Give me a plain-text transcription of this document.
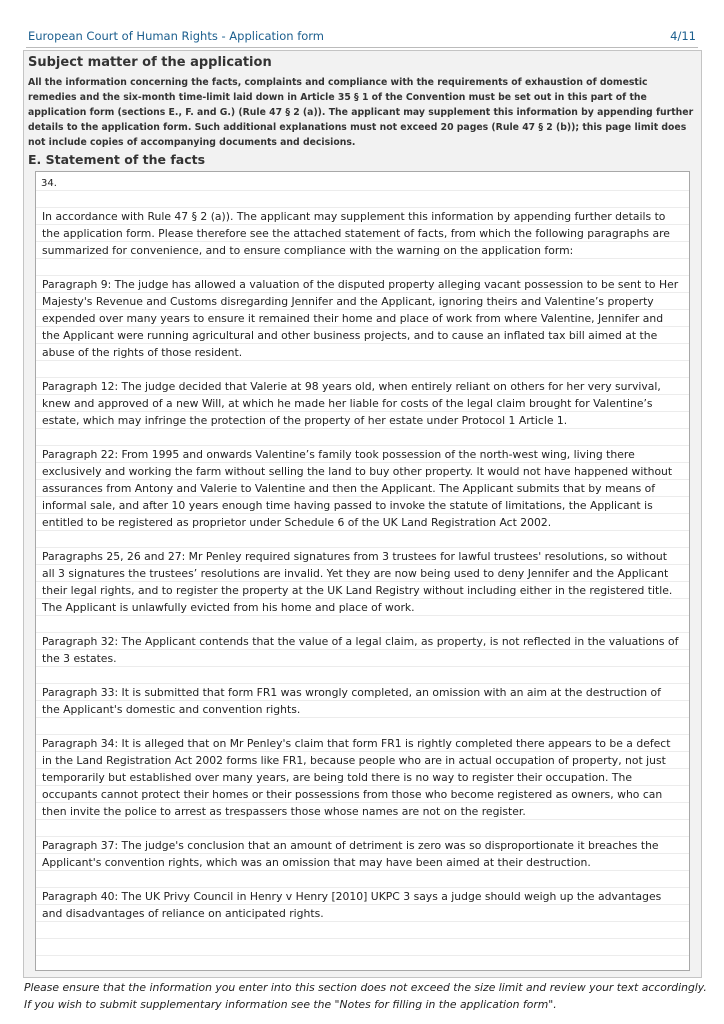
European Court of Human Rights - Application form	4/11
Subject matter of the application
All the information concerning the facts, complaints and compliance with the requirements of exhaustion of domestic remedies and the six-month time-limit laid down in Article 35 § 1 of the Convention must be set out in this part of the application form (sections E., F. and G.) (Rule 47 § 2 (a)). The applicant may supplement this information by appending further details to the application form. Such additional explanations must not exceed 20 pages (Rule 47 § 2 (b)); this page limit does not include copies of accompanying documents and decisions.
E. Statement of the facts
34.

In accordance with Rule 47 § 2 (a)). The applicant may supplement this information by appending further details to the application form. Please therefore see the attached statement of facts, from which the following paragraphs are summarized for convenience, and to ensure compliance with the warning on the application form:

Paragraph 9: The judge has allowed a valuation of the disputed property alleging vacant possession to be sent to Her Majesty's Revenue and Customs disregarding Jennifer and the Applicant, ignoring theirs and Valentine’s property expended over many years to ensure it remained their home and place of work from where Valentine, Jennifer and the Applicant were running agricultural and other business projects, and to cause an inflated tax bill aimed at the abuse of the rights of those resident.

Paragraph 12: The judge decided that Valerie at 98 years old, when entirely reliant on others for her very survival, knew and approved of a new Will, at which he made her liable for costs of the legal claim brought for Valentine’s estate, which may infringe the protection of the property of her estate under Protocol 1 Article 1.

Paragraph 22: From 1995 and onwards Valentine’s family took possession of the north-west wing, living there exclusively and working the farm without selling the land to buy other property. It would not have happened without assurances from Antony and Valerie to Valentine and then the Applicant. The Applicant submits that by means of informal sale, and after 10 years enough time having passed to invoke the statute of limitations, the Applicant is entitled to be registered as proprietor under Schedule 6 of the UK Land Registration Act 2002.

Paragraphs 25, 26 and 27: Mr Penley required signatures from 3 trustees for lawful trustees' resolutions, so without all 3 signatures the trustees’ resolutions are invalid. Yet they are now being used to deny Jennifer and the Applicant their legal rights, and to register the property at the UK Land Registry without including either in the registered title. The Applicant is unlawfully evicted from his home and place of work.

Paragraph 32: The Applicant contends that the value of a legal claim, as property, is not reflected in the valuations of the 3 estates.

Paragraph 33: It is submitted that form FR1 was wrongly completed, an omission with an aim at the destruction of the Applicant's domestic and convention rights.

Paragraph 34: It is alleged that on Mr Penley's claim that form FR1 is rightly completed there appears to be a defect in the Land Registration Act 2002 forms like FR1, because people who are in actual occupation of property, not just temporarily but established over many years, are being told there is no way to register their occupation. The occupants cannot protect their homes or their possessions from those who become registered as owners, who can then invite the police to arrest as trespassers those whose names are not on the register.

Paragraph 37: The judge's conclusion that an amount of detriment is zero was so disproportionate it breaches the Applicant's convention rights, which was an omission that may have been aimed at their destruction.

Paragraph 40: The UK Privy Council in Henry v Henry [2010] UKPC 3 says a judge should weigh up the advantages and disadvantages of reliance on anticipated rights.

Please ensure that the information you enter into this section does not exceed the size limit and review your text accordingly.
If you wish to submit supplementary information see the "Notes for filling in the application form".
